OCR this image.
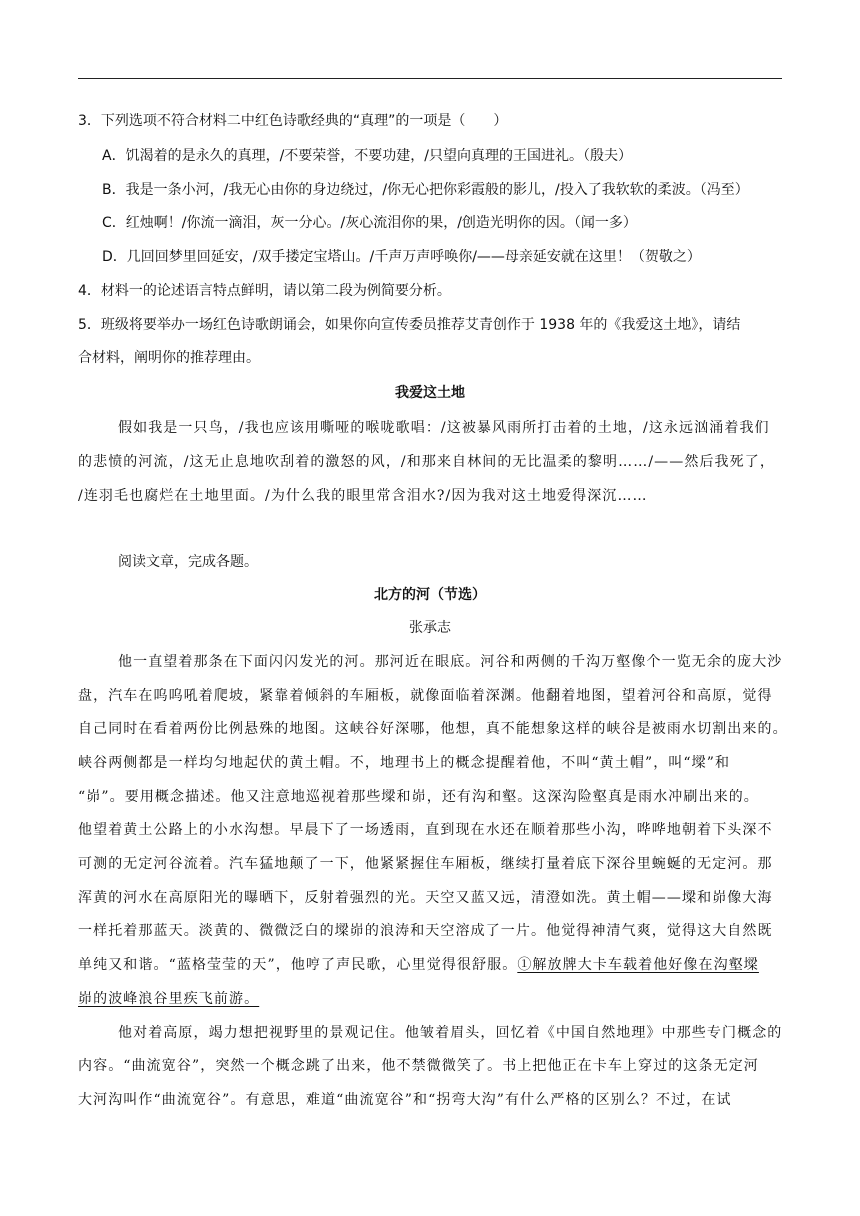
3．下列选项不符合材料二中红色诗歌经典的“真理”的一项是（　　）
A．饥渴着的是永久的真理，/不要荣誉，不要功建，/只望向真理的王国进礼。（殷夫）
B．我是一条小河，/我无心由你的身边绕过，/你无心把你彩霞般的影儿，/投入了我软软的柔波。（冯至）
C．红烛啊！/你流一滴泪，灰一分心。/灰心流泪你的果，/创造光明你的因。（闻一多）
D．几回回梦里回延安，/双手搂定宝塔山。/千声万声呼唤你/——母亲延安就在这里！（贺敬之）
4．材料一的论述语言特点鲜明，请以第二段为例简要分析。
5．班级将要举办一场红色诗歌朗诵会，如果你向宣传委员推荐艾青创作于 1938 年的《我爱这土地》，请结
合材料，阐明你的推荐理由。
我爱这土地
假如我是一只鸟，/我也应该用嘶哑的喉咙歌唱：/这被暴风雨所打击着的土地，/这永远汹涌着我们
的悲愤的河流，/这无止息地吹刮着的激怒的风，/和那来自林间的无比温柔的黎明……/——然后我死了，
/连羽毛也腐烂在土地里面。/为什么我的眼里常含泪水?/因为我对这土地爱得深沉……
阅读文章，完成各题。
北方的河（节选）
张承志
他一直望着那条在下面闪闪发光的河。那河近在眼底。河谷和两侧的千沟万壑像个一览无余的庞大沙
盘，汽车在呜呜吼着爬坡，紧靠着倾斜的车厢板，就像面临着深渊。他翻着地图，望着河谷和高原，觉得
自己同时在看着两份比例悬殊的地图。这峡谷好深哪，他想，真不能想象这样的峡谷是被雨水切割出来的。
峡谷两侧都是一样均匀地起伏的黄土帽。不，地理书上的概念提醒着他，不叫“黄土帽”，叫“墚”和
“峁”。要用概念描述。他又注意地巡视着那些墚和峁，还有沟和壑。这深沟险壑真是雨水冲刷出来的。
他望着黄土公路上的小水沟想。早晨下了一场透雨，直到现在水还在顺着那些小沟，哗哗地朝着下头深不
可测的无定河谷流着。汽车猛地颠了一下，他紧紧握住车厢板，继续打量着底下深谷里蜿蜒的无定河。那
浑黄的河水在高原阳光的曝晒下，反射着强烈的光。天空又蓝又远，清澄如洗。黄土帽——墚和峁像大海
一样托着那蓝天。淡黄的、微微泛白的墚峁的浪涛和天空溶成了一片。他觉得神清气爽，觉得这大自然既
单纯又和谐。“蓝格莹莹的天”，他哼了声民歌，心里觉得很舒服。①解放牌大卡车载着他好像在沟壑墚
峁的波峰浪谷里疾飞前游。
他对着高原，竭力想把视野里的景观记住。他皱着眉头，回忆着《中国自然地理》中那些专门概念的
内容。“曲流宽谷”，突然一个概念跳了出来，他不禁微微笑了。书上把他正在卡车上穿过的这条无定河
大河沟叫作“曲流宽谷”。有意思，难道“曲流宽谷”和“拐弯大沟”有什么严格的区别么？不过，在试
